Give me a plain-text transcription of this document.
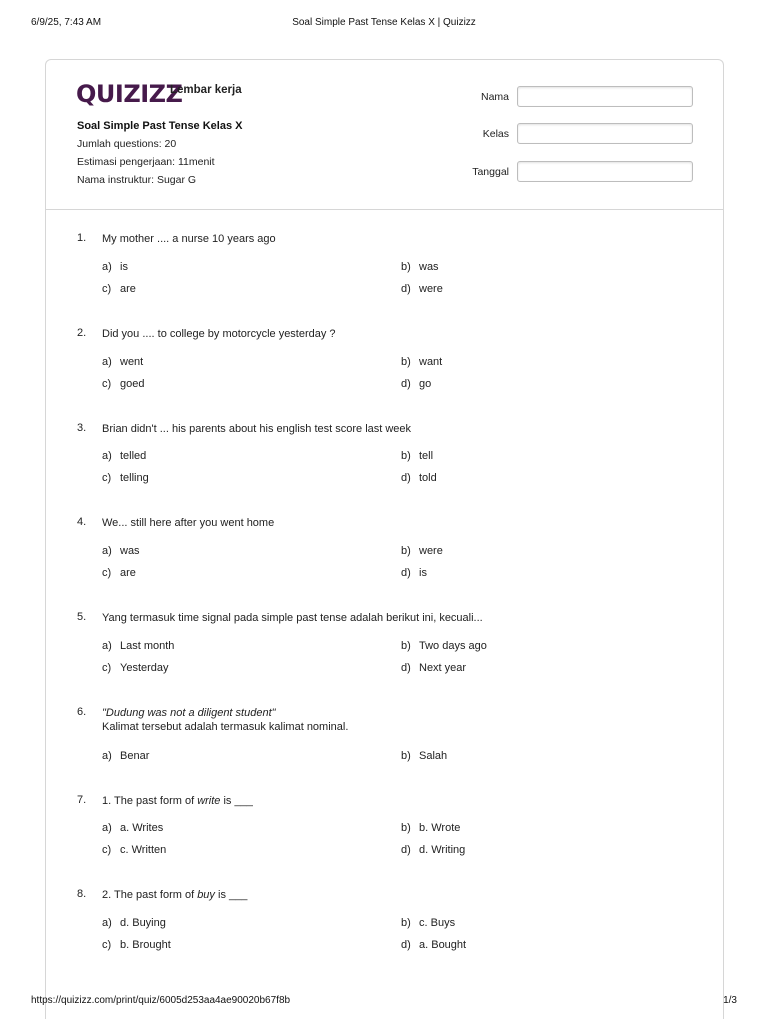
6/9/25, 7:43 AM	Soal Simple Past Tense Kelas X | Quizizz
QUIZIZZ
Lembar kerja
Soal Simple Past Tense Kelas X
Jumlah questions: 20
Estimasi pengerjaan: 11menit
Nama instruktur: Sugar G
Nama
Kelas
Tanggal
1. My mother .... a nurse 10 years ago
a) is	b) was
c) are	d) were
2. Did you .... to college by motorcycle yesterday ?
a) went	b) want
c) goed	d) go
3. Brian didn't ... his parents about his english test score last week
a) telled	b) tell
c) telling	d) told
4. We... still here after you went home
a) was	b) were
c) are	d) is
5. Yang termasuk time signal pada simple past tense adalah berikut ini, kecuali...
a) Last month	b) Two days ago
c) Yesterday	d) Next year
6. "Dudung was not a diligent student"
Kalimat tersebut adalah termasuk kalimat nominal.
a) Benar	b) Salah
7. 1. The past form of write is ___
a) a. Writes	b) b. Wrote
c) c. Written	d) d. Writing
8. 2. The past form of buy is ___
a) d. Buying	b) c. Buys
c) b. Brought	d) a. Bought
https://quizizz.com/print/quiz/6005d253aa4ae90020b67f8b	1/3
